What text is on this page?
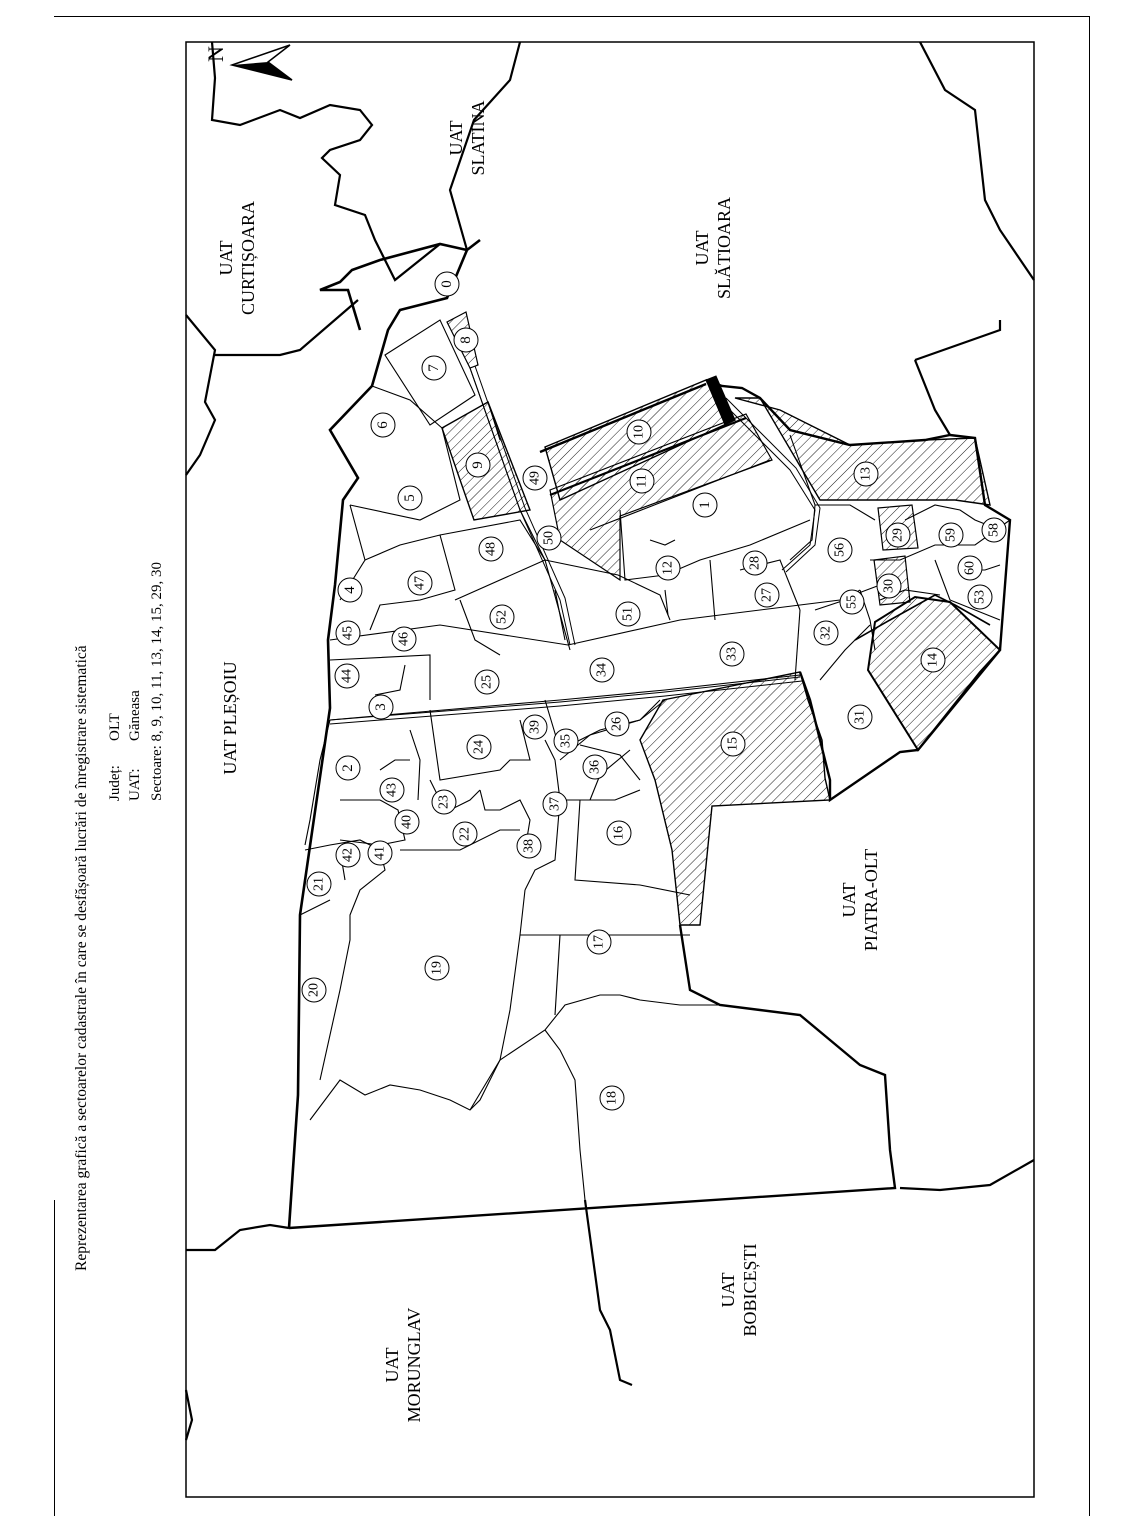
Reprezentarea grafică a sectoarelor cadastrale în care se desfășoară lucrări de înregistrare sistematică Județ:OLT
UAT:Găneasa
Sectoare: 8, 9, 10, 11, 13, 14, 15, 29, 30
N
UAT CURTIȘOARA
UAT SLATINA
UAT SLĂTIOARA
UAT PLEȘOIU
UAT PIATRA-OLT
UAT MORUNGLAV
UAT BOBICEȘTI
0
1
2
3
4
5
6
7
8
9
10
11
12
13
14
15
16
17
18
19
20
21
22
23
24
25
26
27
28
29
30
31
32
33
34
35
36
37
38
39
40
41
42
43
44
45	46
47
48
49
50
51
52
53
55
56
58
59
60
